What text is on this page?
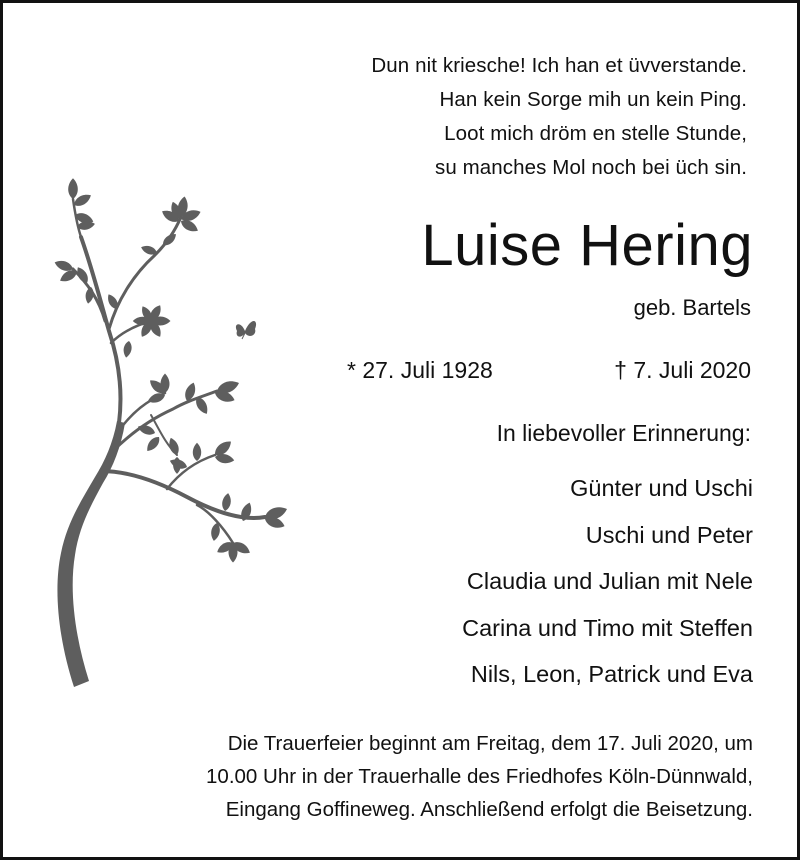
Dun nit kriesche! Ich han et üvverstande.
Han kein Sorge mih un kein Ping.
Loot mich dröm en stelle Stunde,
su manches Mol noch bei üch sin.
Luise Hering
geb. Bartels
* 27. Juli 1928	† 7. Juli 2020
In liebevoller Erinnerung:
Günter und Uschi
Uschi und Peter
Claudia und Julian mit Nele
Carina und Timo mit Steffen
Nils, Leon, Patrick und Eva
Die Trauerfeier beginnt am Freitag, dem 17. Juli 2020, um
10.00 Uhr in der Trauerhalle des Friedhofes Köln-Dünnwald,
Eingang Goffineweg. Anschließend erfolgt die Beisetzung.
